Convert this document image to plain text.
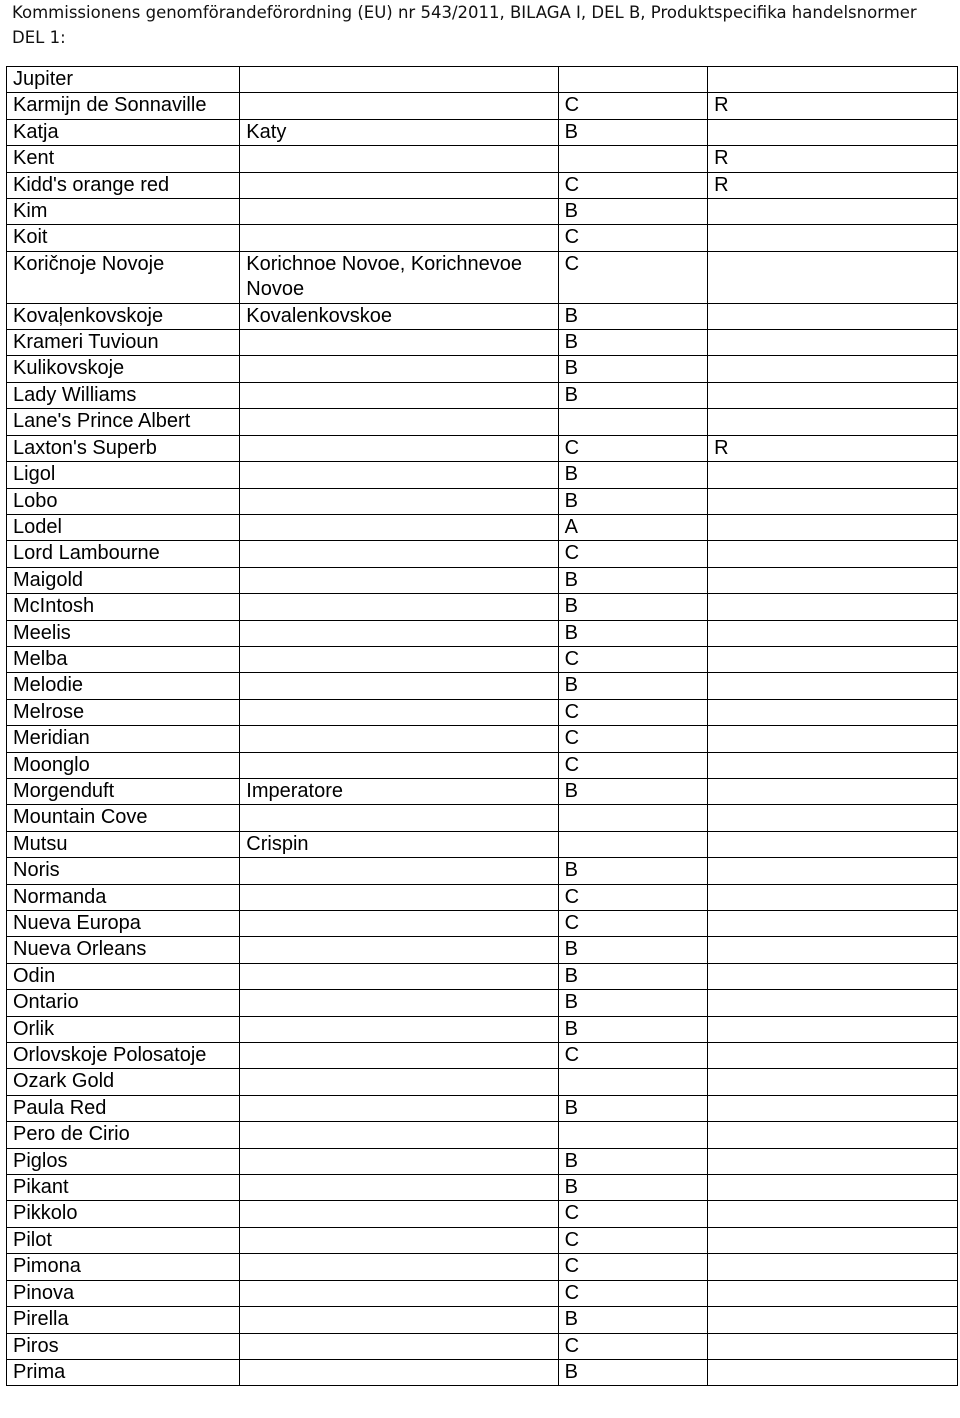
Kommissionens genomförandeförordning (EU) nr 543/2011, BILAGA I, DEL B, Produktspecifika handelsnormer DEL 1:
Jupiter			
Karmijn de Sonnaville		C	R
Katja	Katy	B	
Kent			R
Kidd's orange red		C	R
Kim		B	
Koit		C	
Koričnoje Novoje	Korichnoe Novoe, Korichnevoe Novoe	C	
Kovaļenkovskoje	Kovalenkovskoe	B	
Krameri Tuvioun		B	
Kulikovskoje		B	
Lady Williams		B	
Lane's Prince Albert			
Laxton's Superb		C	R
Ligol		B	
Lobo		B	
Lodel		A	
Lord Lambourne		C	
Maigold		B	
McIntosh		B	
Meelis		B	
Melba		C	
Melodie		B	
Melrose		C	
Meridian		C	
Moonglo		C	
Morgenduft	Imperatore	B	
Mountain Cove			
Mutsu	Crispin		
Noris		B	
Normanda		C	
Nueva Europa		C	
Nueva Orleans		B	
Odin		B	
Ontario		B	
Orlik		B	
Orlovskoje Polosatoje		C	
Ozark Gold			
Paula Red		B	
Pero de Cirio			
Piglos		B	
Pikant		B	
Pikkolo		C	
Pilot		C	
Pimona		C	
Pinova		C	
Pirella		B	
Piros		C	
Prima		B	
